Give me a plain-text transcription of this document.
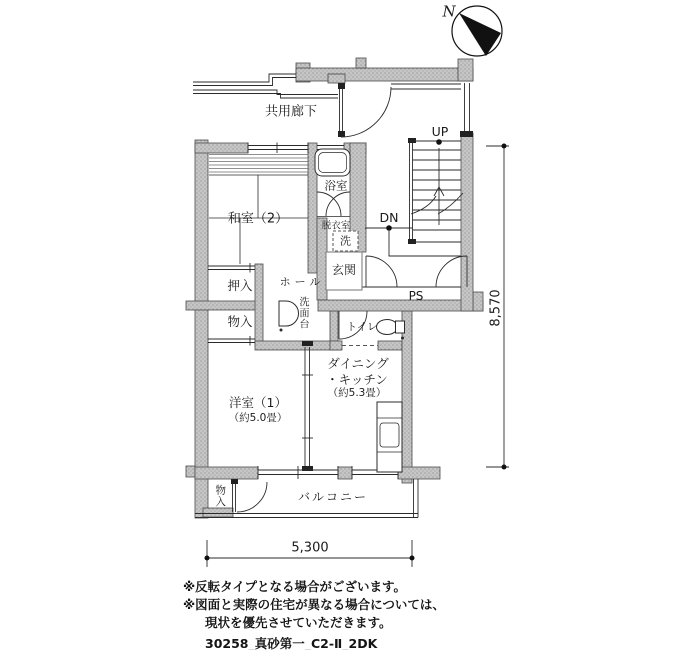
N
共用廊下
UP
DN
和室（2）
浴室
脱衣室
洗
玄関
押入 ホール
PS
物入	洗面台	トイレ
ダイニング
・キッチン
（約5.3畳）
洋室（1）
（約5.0畳）
物入	バルコニー
5,300
8,570
※反転タイプとなる場合がございます。
※図面と実際の住宅が異なる場合については、
現状を優先させていただきます。
30258_真砂第一_C2-Ⅱ_2DK
